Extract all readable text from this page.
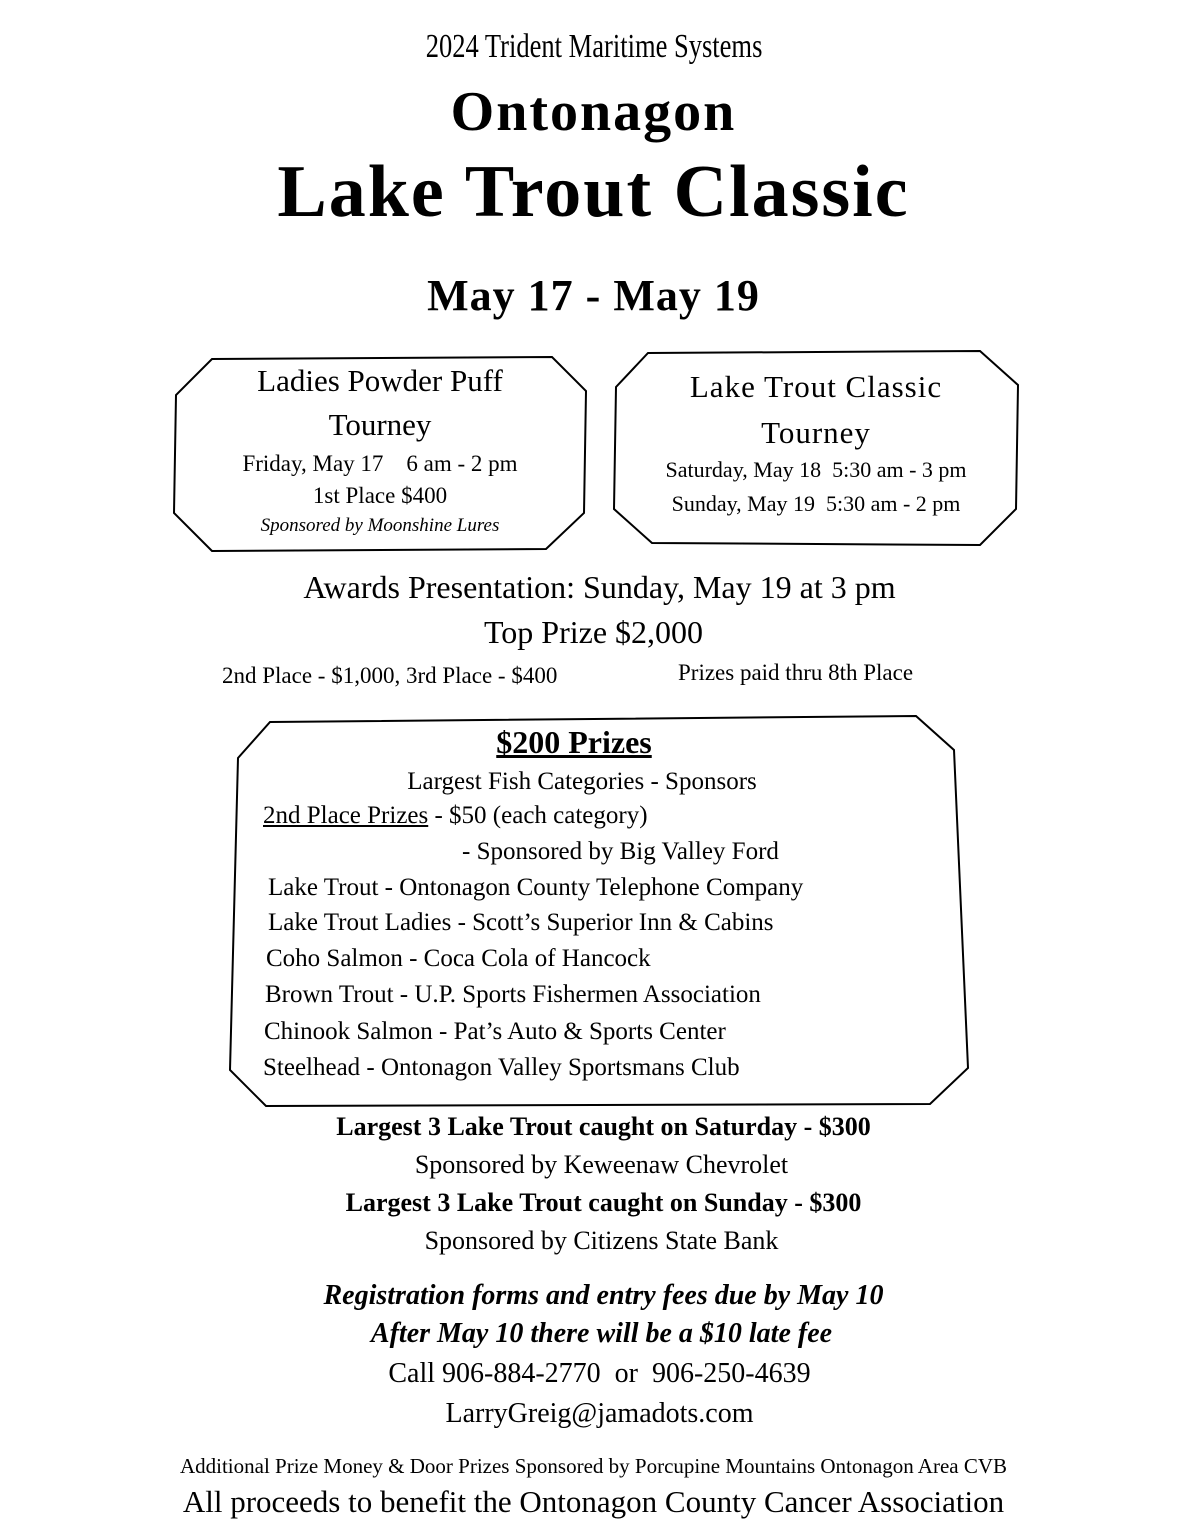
2024 Trident Maritime Systems
Ontonagon
Lake Trout Classic
May 17 - May 19
Ladies Powder Puff
Tourney
Friday, May 17    6 am - 2 pm
1st Place $400
Sponsored by Moonshine Lures
Lake Trout Classic
Tourney
Saturday, May 18  5:30 am - 3 pm
Sunday, May 19  5:30 am - 2 pm
Awards Presentation: Sunday, May 19 at 3 pm
Top Prize $2,000
2nd Place - $1,000, 3rd Place - $400	Prizes paid thru 8th Place
$200 Prizes
Largest Fish Categories - Sponsors
2nd Place Prizes - $50 (each category)
- Sponsored by Big Valley Ford
Lake Trout - Ontonagon County Telephone Company
Lake Trout Ladies - Scott’s Superior Inn & Cabins
Coho Salmon - Coca Cola of Hancock
Brown Trout - U.P. Sports Fishermen Association
Chinook Salmon - Pat’s Auto & Sports Center
Steelhead - Ontonagon Valley Sportsmans Club
Largest 3 Lake Trout caught on Saturday - $300
Sponsored by Keweenaw Chevrolet
Largest 3 Lake Trout caught on Sunday - $300
Sponsored by Citizens State Bank
Registration forms and entry fees due by May 10
After May 10 there will be a $10 late fee
Call 906-884-2770  or  906-250-4639
LarryGreig@jamadots.com
Additional Prize Money & Door Prizes Sponsored by Porcupine Mountains Ontonagon Area CVB
All proceeds to benefit the Ontonagon County Cancer Association
